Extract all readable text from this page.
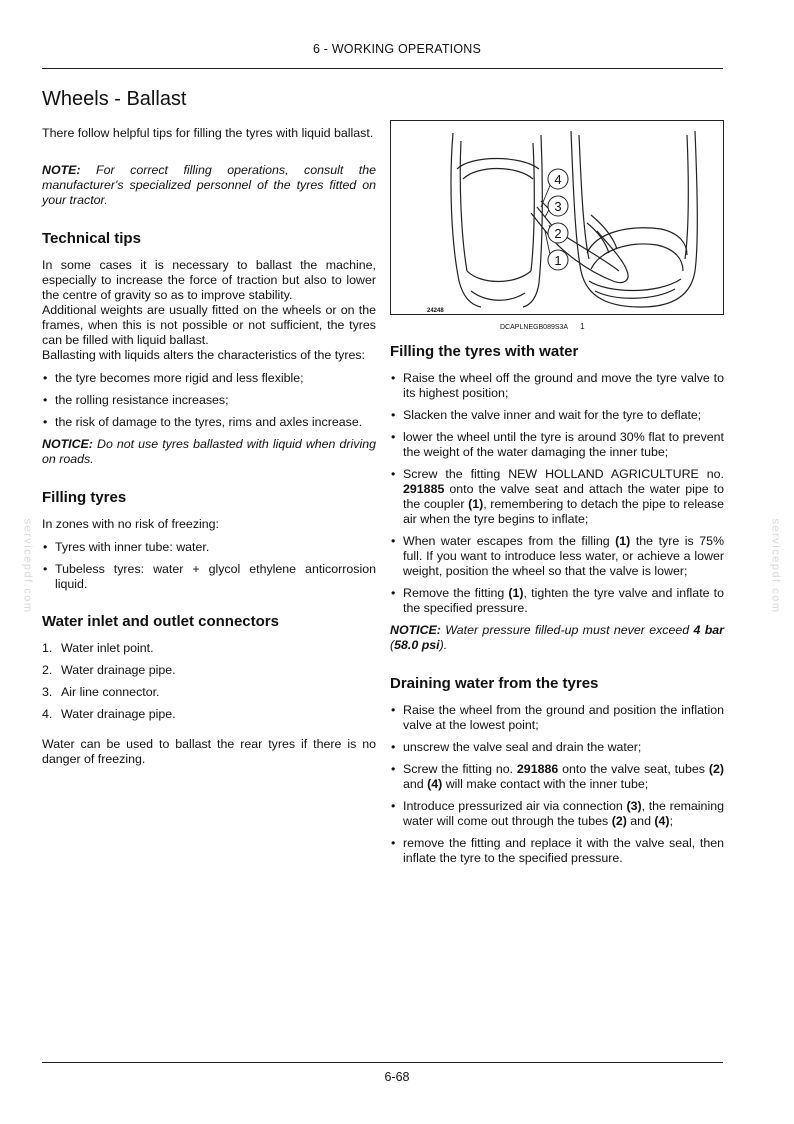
6 - WORKING OPERATIONS
servicepdf.com	servicepdf.com
Wheels - Ballast

There follow helpful tips for filling the tyres with liquid ballast.

NOTE: For correct filling operations, consult the manufacturer's specialized personnel of the tyres fitted on your tractor.

Technical tips

In some cases it is necessary to ballast the machine, especially to increase the force of traction but also to lower the centre of gravity so as to improve stability.

Additional weights are usually fitted on the wheels or on the frames, when this is not possible or not sufficient, the tyres can be filled with liquid ballast.

Ballasting with liquids alters the characteristics of the tyres:

• the tyre becomes more rigid and less flexible;
• the rolling resistance increases;
• the risk of damage to the tyres, rims and axles increase.

NOTICE: Do not use tyres ballasted with liquid when driving on roads.

Filling tyres

In zones with no risk of freezing:

• Tyres with inner tube: water.
• Tubeless tyres: water + glycol ethylene anticorrosion liquid.
Water inlet and outlet connectors
1. Water inlet point.
2. Water drainage pipe.
3. Air line connector.
4. Water drainage pipe.

Water can be used to ballast the rear tyres if there is no danger of freezing.

4
3
2
1
24248
DCAPLNEGB089S3A 1
Filling the tyres with water
• Raise the wheel off the ground and move the tyre valve to its highest position;
• Slacken the valve inner and wait for the tyre to deflate;
• lower the wheel until the tyre is around 30% flat to prevent the weight of the water damaging the inner tube;
• Screw the fitting NEW HOLLAND AGRICULTURE no. 291885 onto the valve seat and attach the water pipe to the coupler (1), remembering to detach the pipe to release air when the tyre begins to inflate;
• When water escapes from the filling (1) the tyre is 75% full. If you want to introduce less water, or achieve a lower weight, position the wheel so that the valve is lower;
• Remove the fitting (1), tighten the tyre valve and inflate to the specified pressure.

NOTICE: Water pressure filled-up must never exceed 4 bar (58.0 psi).

Draining water from the tyres
• Raise the wheel from the ground and position the inflation valve at the lowest point;
• unscrew the valve seal and drain the water;
• Screw the fitting no. 291886 onto the valve seat, tubes (2) and (4) will make contact with the inner tube;
• Introduce pressurized air via connection (3), the remaining water will come out through the tubes (2) and (4);
• remove the fitting and replace it with the valve seal, then inflate the tyre to the specified pressure.
6-68
